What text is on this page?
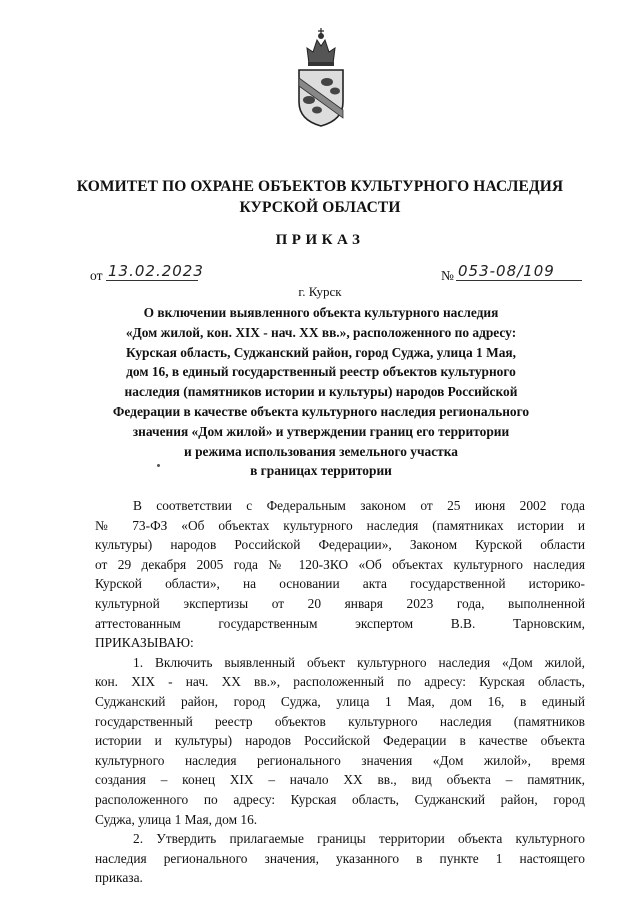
КОМИТЕТ ПО ОХРАНЕ ОБЪЕКТОВ КУЛЬТУРНОГО НАСЛЕДИЯ
КУРСКОЙ ОБЛАСТИ
ПРИКАЗ
от 13.02.2023	№ 053-08/109
г. Курск
О включении выявленного объекта культурного наследия
«Дом жилой, кон. XIX - нач. XX вв.», расположенного по адресу:
Курская область, Суджанский район, город Суджа, улица 1 Мая,
дом 16, в единый государственный реестр объектов культурного
наследия (памятников истории и культуры) народов Российской
Федерации в качестве объекта культурного наследия регионального
значения «Дом жилой» и утверждении границ его территории
и режима использования земельного участка
в границах территории
В соответствии с Федеральным законом от 25 июня 2002 года
№ 73-ФЗ «Об объектах культурного наследия (памятниках истории и
культуры) народов Российской Федерации», Законом Курской области
от 29 декабря 2005 года № 120-ЗКО «Об объектах культурного наследия
Курской области», на основании акта государственной историко-
культурной экспертизы от 20 января 2023 года, выполненной
аттестованным государственным экспертом В.В. Тарновским,
ПРИКАЗЫВАЮ:
1. Включить выявленный объект культурного наследия «Дом жилой,
кон. XIX - нач. XX вв.», расположенный по адресу: Курская область,
Суджанский район, город Суджа, улица 1 Мая, дом 16, в единый
государственный реестр объектов культурного наследия (памятников
истории и культуры) народов Российской Федерации в качестве объекта
культурного наследия регионального значения «Дом жилой», время
создания – конец XIX – начало XX вв., вид объекта – памятник,
расположенного по адресу: Курская область, Суджанский район, город
Суджа, улица 1 Мая, дом 16.
2. Утвердить прилагаемые границы территории объекта культурного
наследия регионального значения, указанного в пункте 1 настоящего
приказа.
